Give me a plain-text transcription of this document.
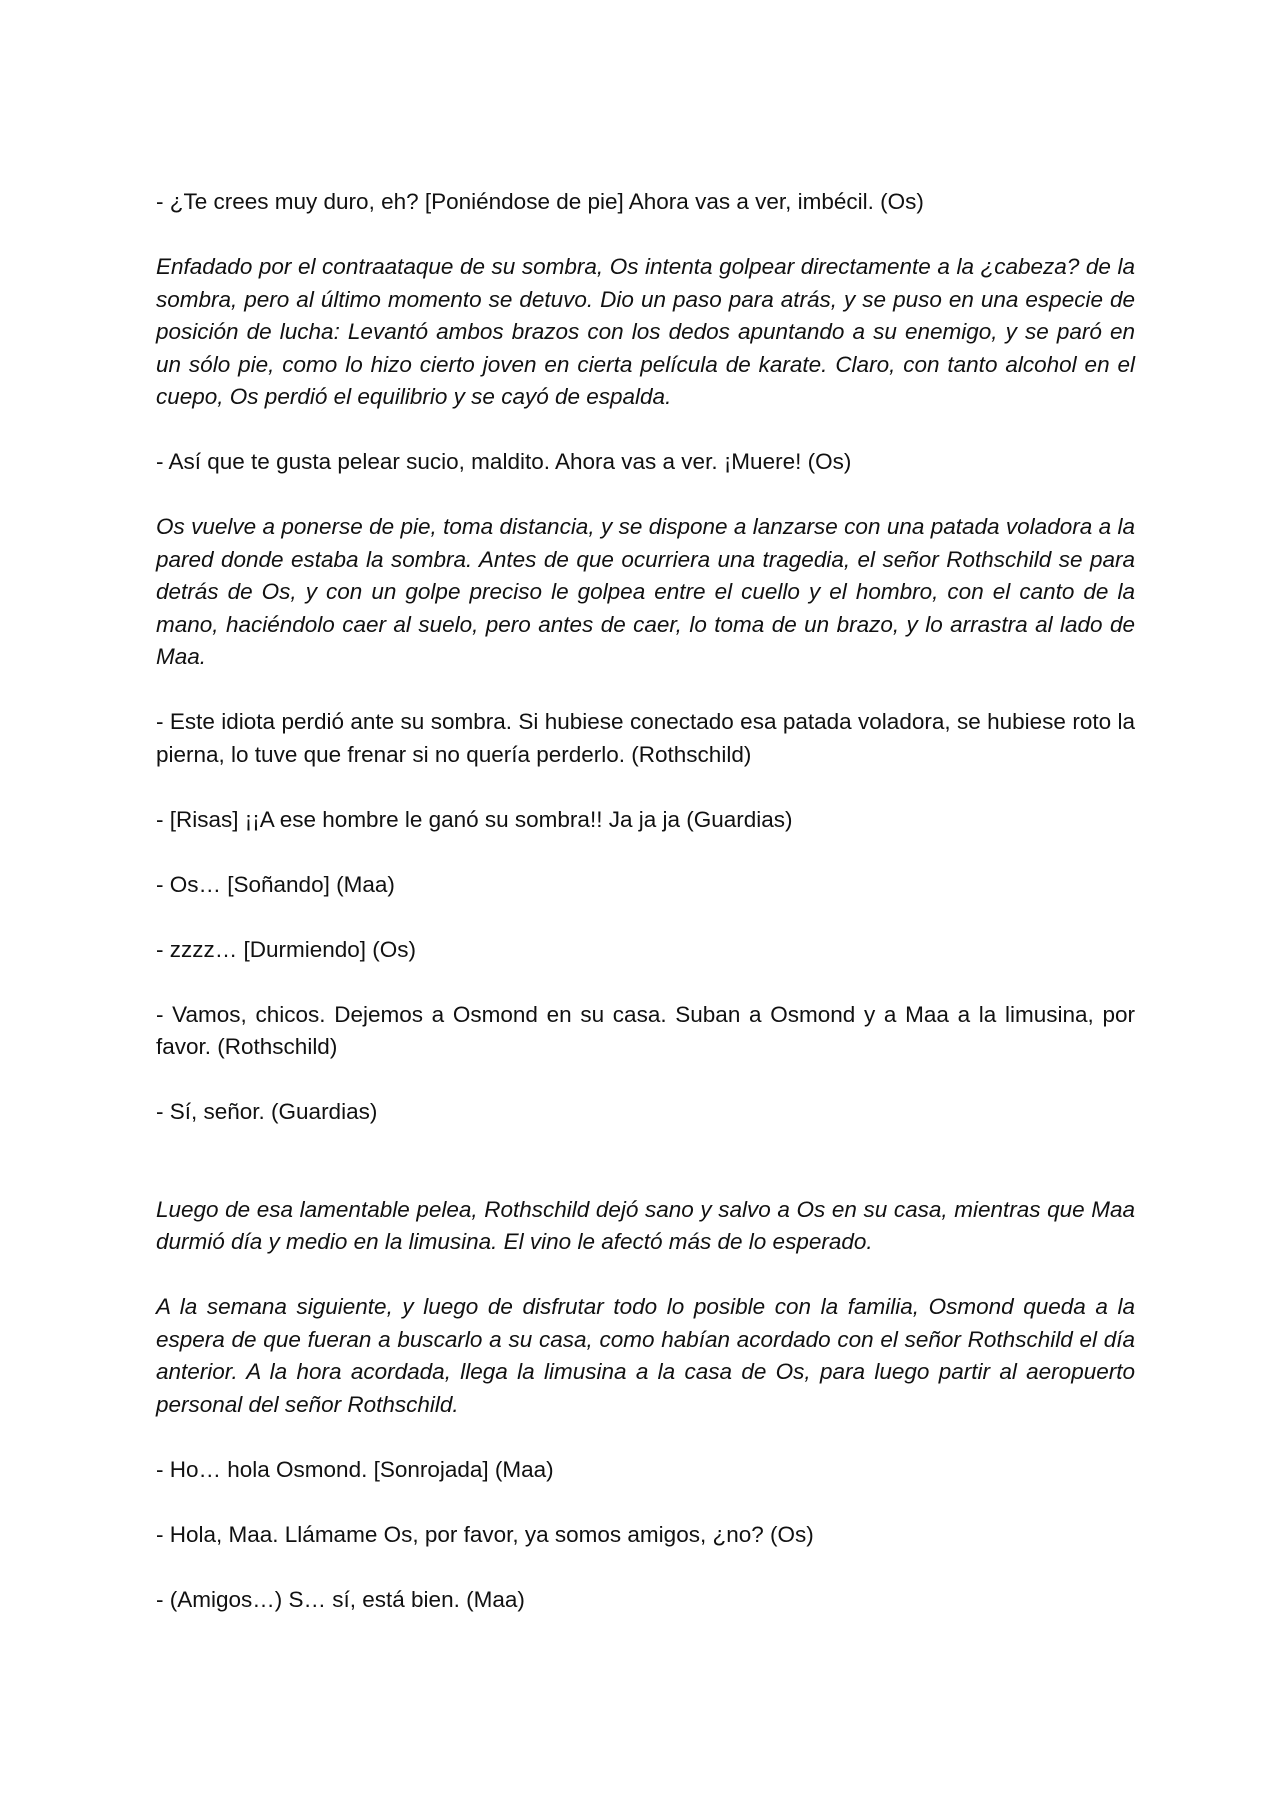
- ¿Te crees muy duro, eh? [Poniéndose de pie] Ahora vas a ver, imbécil. (Os)

Enfadado por el contraataque de su sombra, Os intenta golpear directamente a la ¿cabeza? de la sombra, pero al último momento se detuvo. Dio un paso para atrás, y se puso en una especie de posición de lucha: Levantó ambos brazos con los dedos apuntando a su enemigo, y se paró en un sólo pie, como lo hizo cierto joven en cierta película de karate. Claro, con tanto alcohol en el cuepo, Os perdió el equilibrio y se cayó de espalda.

- Así que te gusta pelear sucio, maldito. Ahora vas a ver. ¡Muere! (Os)

Os vuelve a ponerse de pie, toma distancia, y se dispone a lanzarse con una patada voladora a la pared donde estaba la sombra. Antes de que ocurriera una tragedia, el señor Rothschild se para detrás de Os, y con un golpe preciso le golpea entre el cuello y el hombro, con el canto de la mano, haciéndolo caer al suelo, pero antes de caer, lo toma de un brazo, y lo arrastra al lado de Maa.

- Este idiota perdió ante su sombra. Si hubiese conectado esa patada voladora, se hubiese roto la pierna, lo tuve que frenar si no quería perderlo. (Rothschild)

- [Risas] ¡¡A ese hombre le ganó su sombra!! Ja ja ja (Guardias)

- Os… [Soñando] (Maa)

- zzzz… [Durmiendo] (Os)

- Vamos, chicos. Dejemos a Osmond en su casa. Suban a Osmond y a Maa a la limusina, por favor. (Rothschild)

- Sí, señor. (Guardias)

Luego de esa lamentable pelea, Rothschild dejó sano y salvo a Os en su casa, mientras que Maa durmió día y medio en la limusina. El vino le afectó más de lo esperado.

A la semana siguiente, y luego de disfrutar todo lo posible con la familia, Osmond queda a la espera de que fueran a buscarlo a su casa, como habían acordado con el señor Rothschild el día anterior. A la hora acordada, llega la limusina a la casa de Os, para luego partir al aeropuerto personal del señor Rothschild.

- Ho… hola Osmond. [Sonrojada] (Maa)

- Hola, Maa. Llámame Os, por favor, ya somos amigos, ¿no? (Os)

- (Amigos…) S… sí, está bien. (Maa)
